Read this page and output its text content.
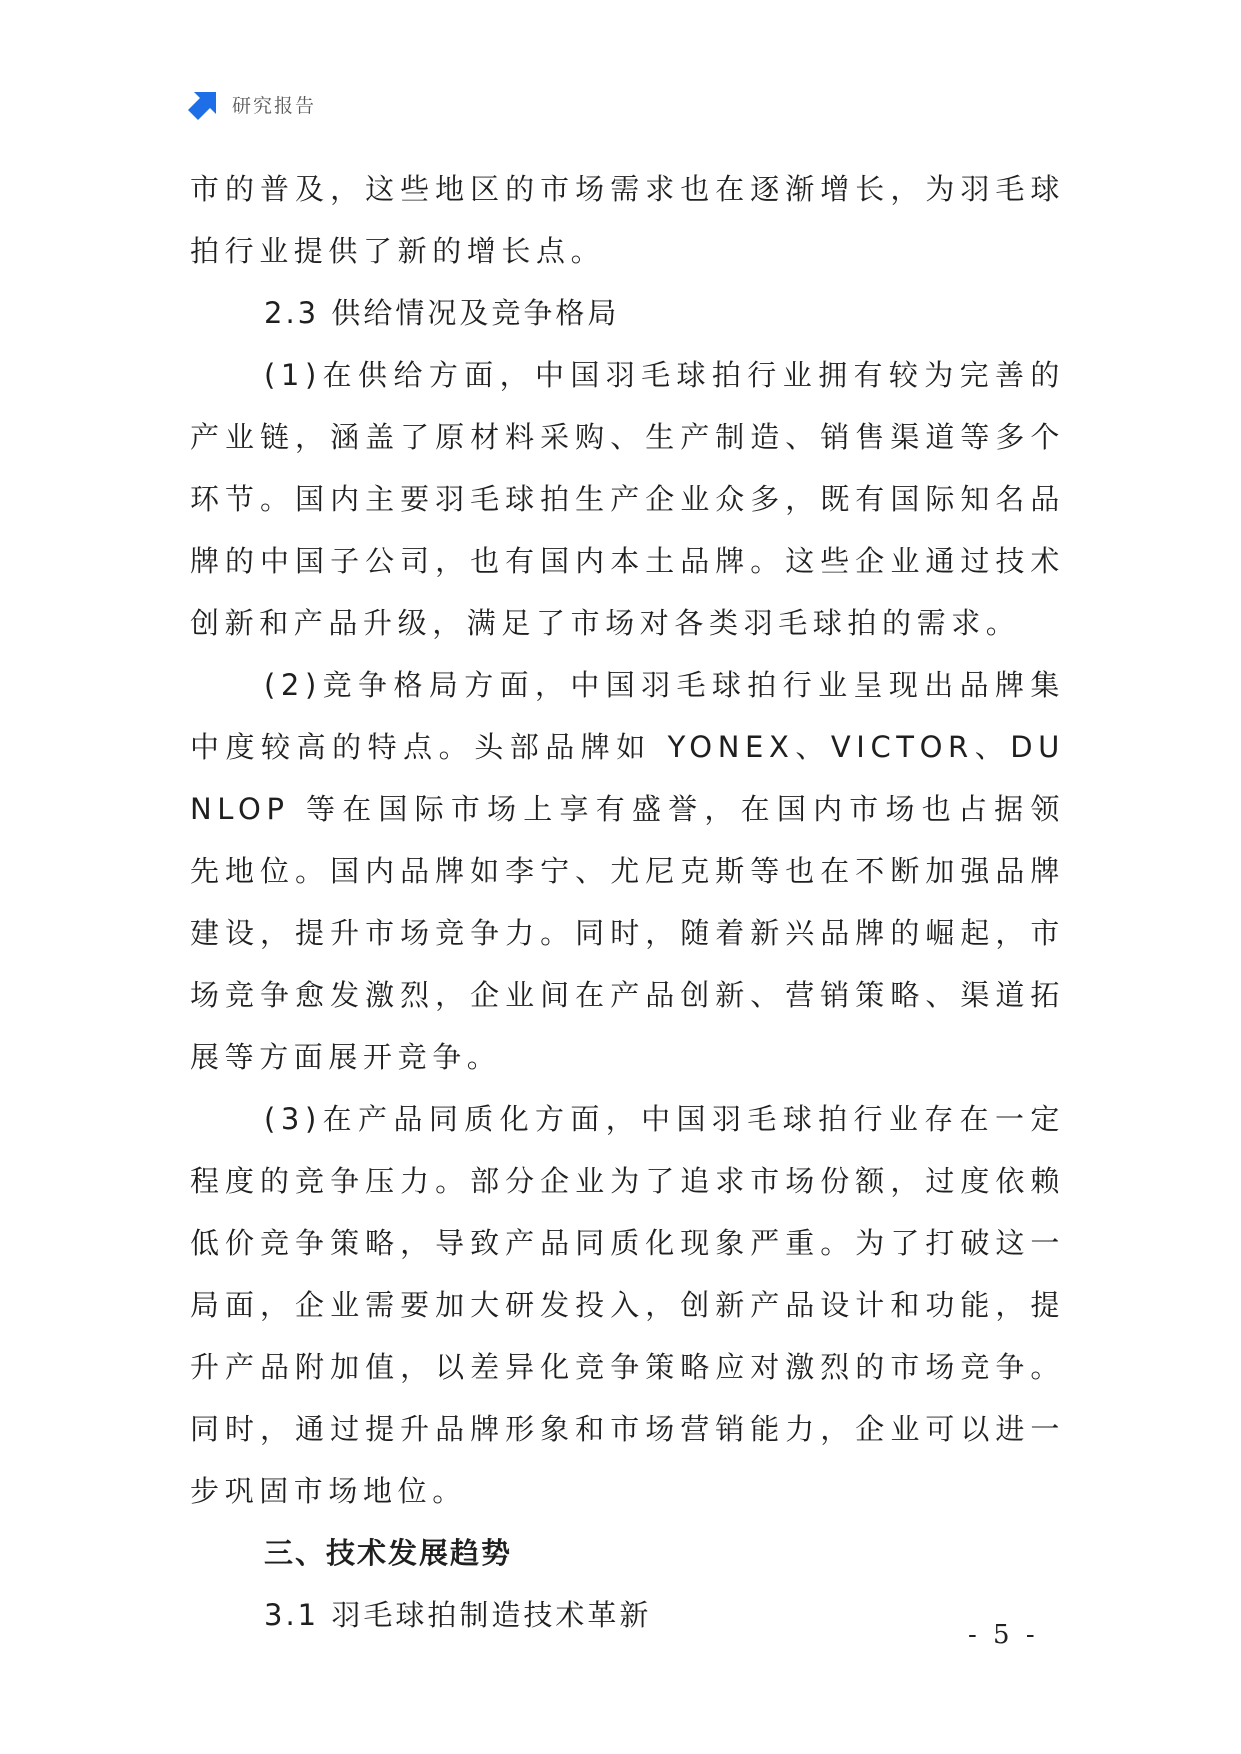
研究报告

市的普及，这些地区的市场需求也在逐渐增长，为羽毛球拍行业提供了新的增长点。

2.3 供给情况及竞争格局

(1)在供给方面，中国羽毛球拍行业拥有较为完善的产业链，涵盖了原材料采购、生产制造、销售渠道等多个环节。国内主要羽毛球拍生产企业众多，既有国际知名品牌的中国子公司，也有国内本土品牌。这些企业通过技术创新和产品升级，满足了市场对各类羽毛球拍的需求。

(2)竞争格局方面，中国羽毛球拍行业呈现出品牌集中度较高的特点。头部品牌如 YONEX、VICTOR、DUNLOP 等在国际市场上享有盛誉，在国内市场也占据领先地位。国内品牌如李宁、尤尼克斯等也在不断加强品牌建设，提升市场竞争力。同时，随着新兴品牌的崛起，市场竞争愈发激烈，企业间在产品创新、营销策略、渠道拓展等方面展开竞争。

(3)在产品同质化方面，中国羽毛球拍行业存在一定程度的竞争压力。部分企业为了追求市场份额，过度依赖低价竞争策略，导致产品同质化现象严重。为了打破这一局面，企业需要加大研发投入，创新产品设计和功能，提升产品附加值，以差异化竞争策略应对激烈的市场竞争。同时，通过提升品牌形象和市场营销能力，企业可以进一步巩固市场地位。

三、技术发展趋势

3.1 羽毛球拍制造技术革新

- 5 -
